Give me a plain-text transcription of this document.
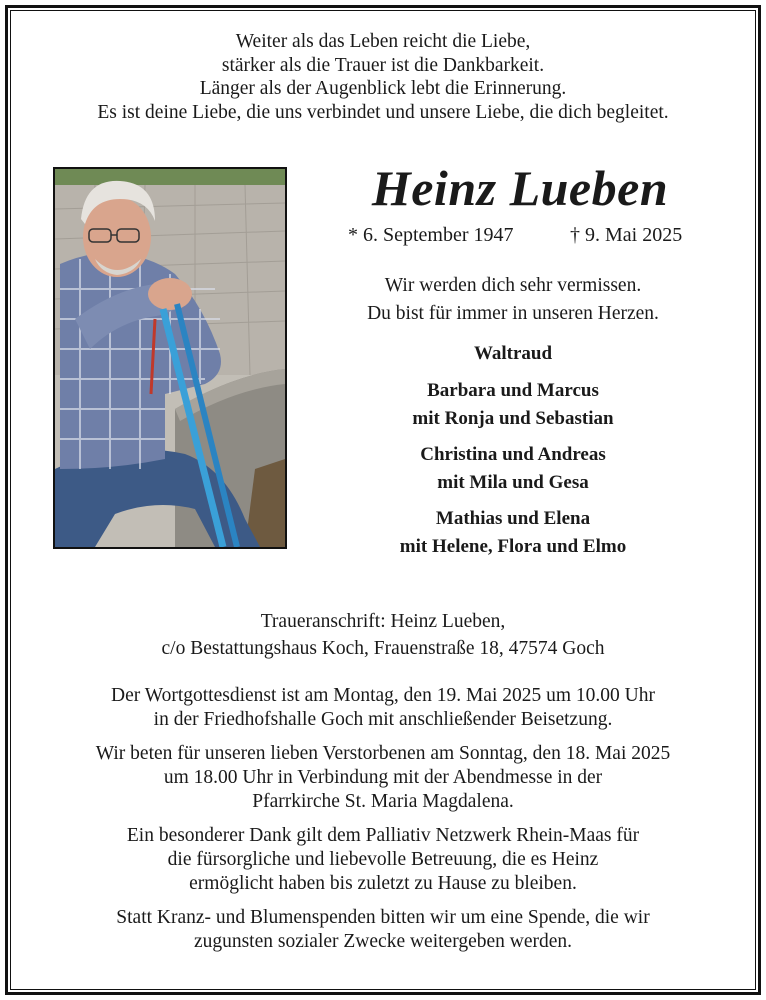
Weiter als das Leben reicht die Liebe,
stärker als die Trauer ist die Dankbarkeit.
Länger als der Augenblick lebt die Erinnerung.
Es ist deine Liebe, die uns verbindet und unsere Liebe, die dich begleitet.
Heinz Lueben
* 6. September 1947	† 9. Mai 2025
Wir werden dich sehr vermissen.
Du bist für immer in unseren Herzen.
Waltraud
Barbara und Marcus
mit Ronja und Sebastian
Christina und Andreas
mit Mila und Gesa
Mathias und Elena
mit Helene, Flora und Elmo
Traueranschrift: Heinz Lueben,
c/o Bestattungshaus Koch, Frauenstraße 18, 47574 Goch
Der Wortgottesdienst ist am Montag, den 19. Mai 2025 um 10.00 Uhr
in der Friedhofshalle Goch mit anschließender Beisetzung.
Wir beten für unseren lieben Verstorbenen am Sonntag, den 18. Mai 2025
um 18.00 Uhr in Verbindung mit der Abendmesse in der
Pfarrkirche St. Maria Magdalena.
Ein besonderer Dank gilt dem Palliativ Netzwerk Rhein-Maas für
die fürsorgliche und liebevolle Betreuung, die es Heinz
ermöglicht haben bis zuletzt zu Hause zu bleiben.
Statt Kranz- und Blumenspenden bitten wir um eine Spende, die wir
zugunsten sozialer Zwecke weitergeben werden.
